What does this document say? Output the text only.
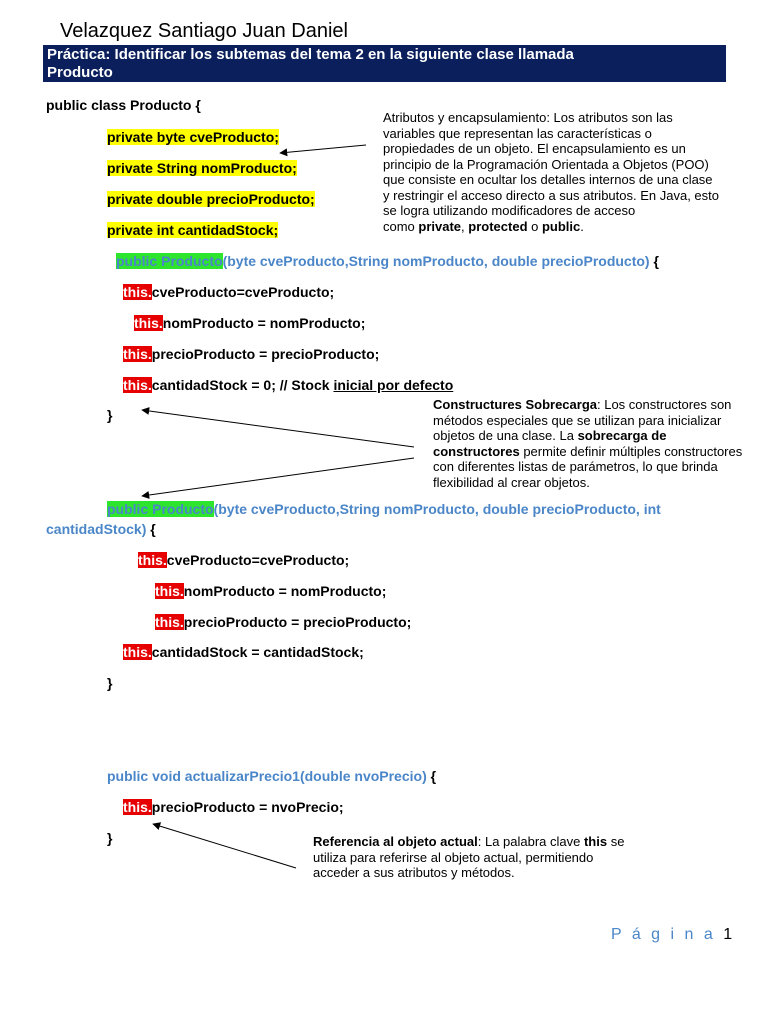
Velazquez Santiago Juan Daniel
Práctica: Identificar los subtemas del tema 2 en la siguiente clase llamada
Producto
public class Producto {
private byte cveProducto;
private String nomProducto;
private double precioProducto;
private int cantidadStock;
public Producto(byte cveProducto,String nomProducto, double precioProducto) {
this.cveProducto=cveProducto;
this.nomProducto = nomProducto;
this.precioProducto = precioProducto;
this.cantidadStock = 0; // Stock inicial por defecto
}
public Producto(byte cveProducto,String nomProducto, double precioProducto, int
cantidadStock) {
this.cveProducto=cveProducto;
this.nomProducto = nomProducto;
this.precioProducto = precioProducto;
this.cantidadStock = cantidadStock;
}
public void actualizarPrecio1(double nvoPrecio) {
this.precioProducto = nvoPrecio;
}
Atributos y encapsulamiento: Los atributos son las
variables que representan las características o
propiedades de un objeto. El encapsulamiento es un
principio de la Programación Orientada a Objetos (POO)
que consiste en ocultar los detalles internos de una clase
y restringir el acceso directo a sus atributos. En Java, esto
se logra utilizando modificadores de acceso
como private, protected o public.
Constructures Sobrecarga: Los constructores son
métodos especiales que se utilizan para inicializar
objetos de una clase. La sobrecarga de
constructores permite definir múltiples constructores
con diferentes listas de parámetros, lo que brinda
flexibilidad al crear objetos.
Referencia al objeto actual: La palabra clave this se
utiliza para referirse al objeto actual, permitiendo
acceder a sus atributos y métodos.
P á g i n a 1
